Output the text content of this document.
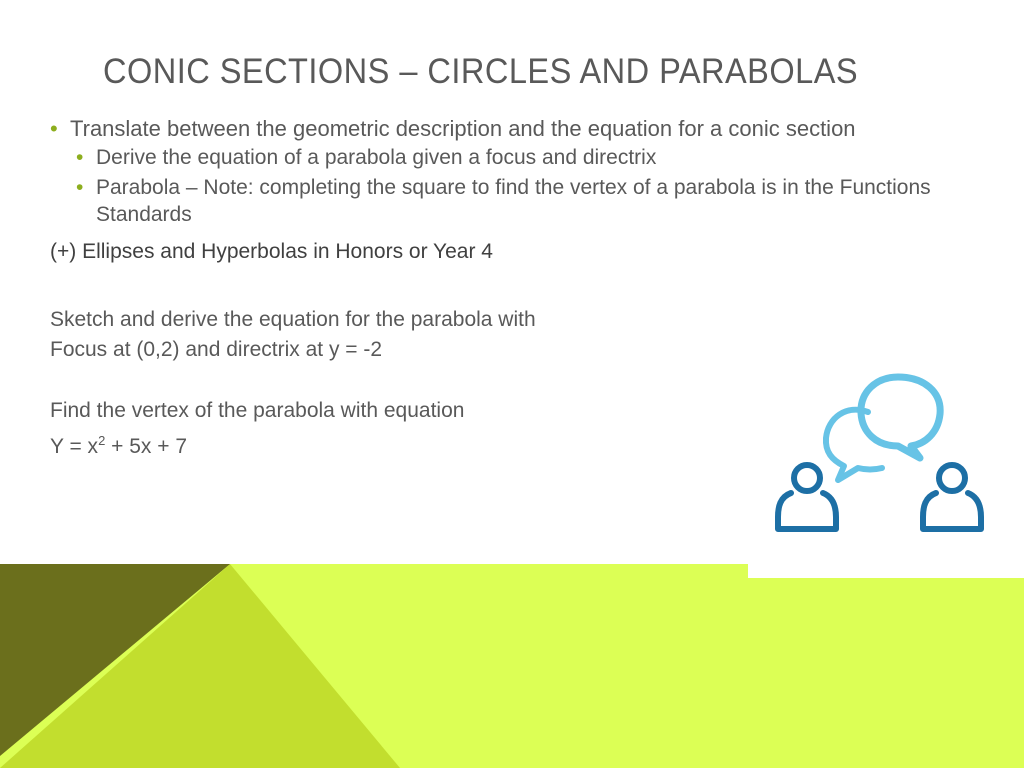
CONIC SECTIONS – CIRCLES AND PARABOLAS
• Translate between the geometric description and the equation for a conic section
• Derive the equation of a parabola given a focus and directrix
• Parabola – Note: completing the square to find the vertex of a parabola is in the Functions Standards
(+) Ellipses and Hyperbolas in Honors or Year 4
Sketch and derive the equation for the parabola with
Focus at (0,2) and directrix at y = -2
Find the vertex of the parabola with equation
$Y = x^2 + 5x + 7$
